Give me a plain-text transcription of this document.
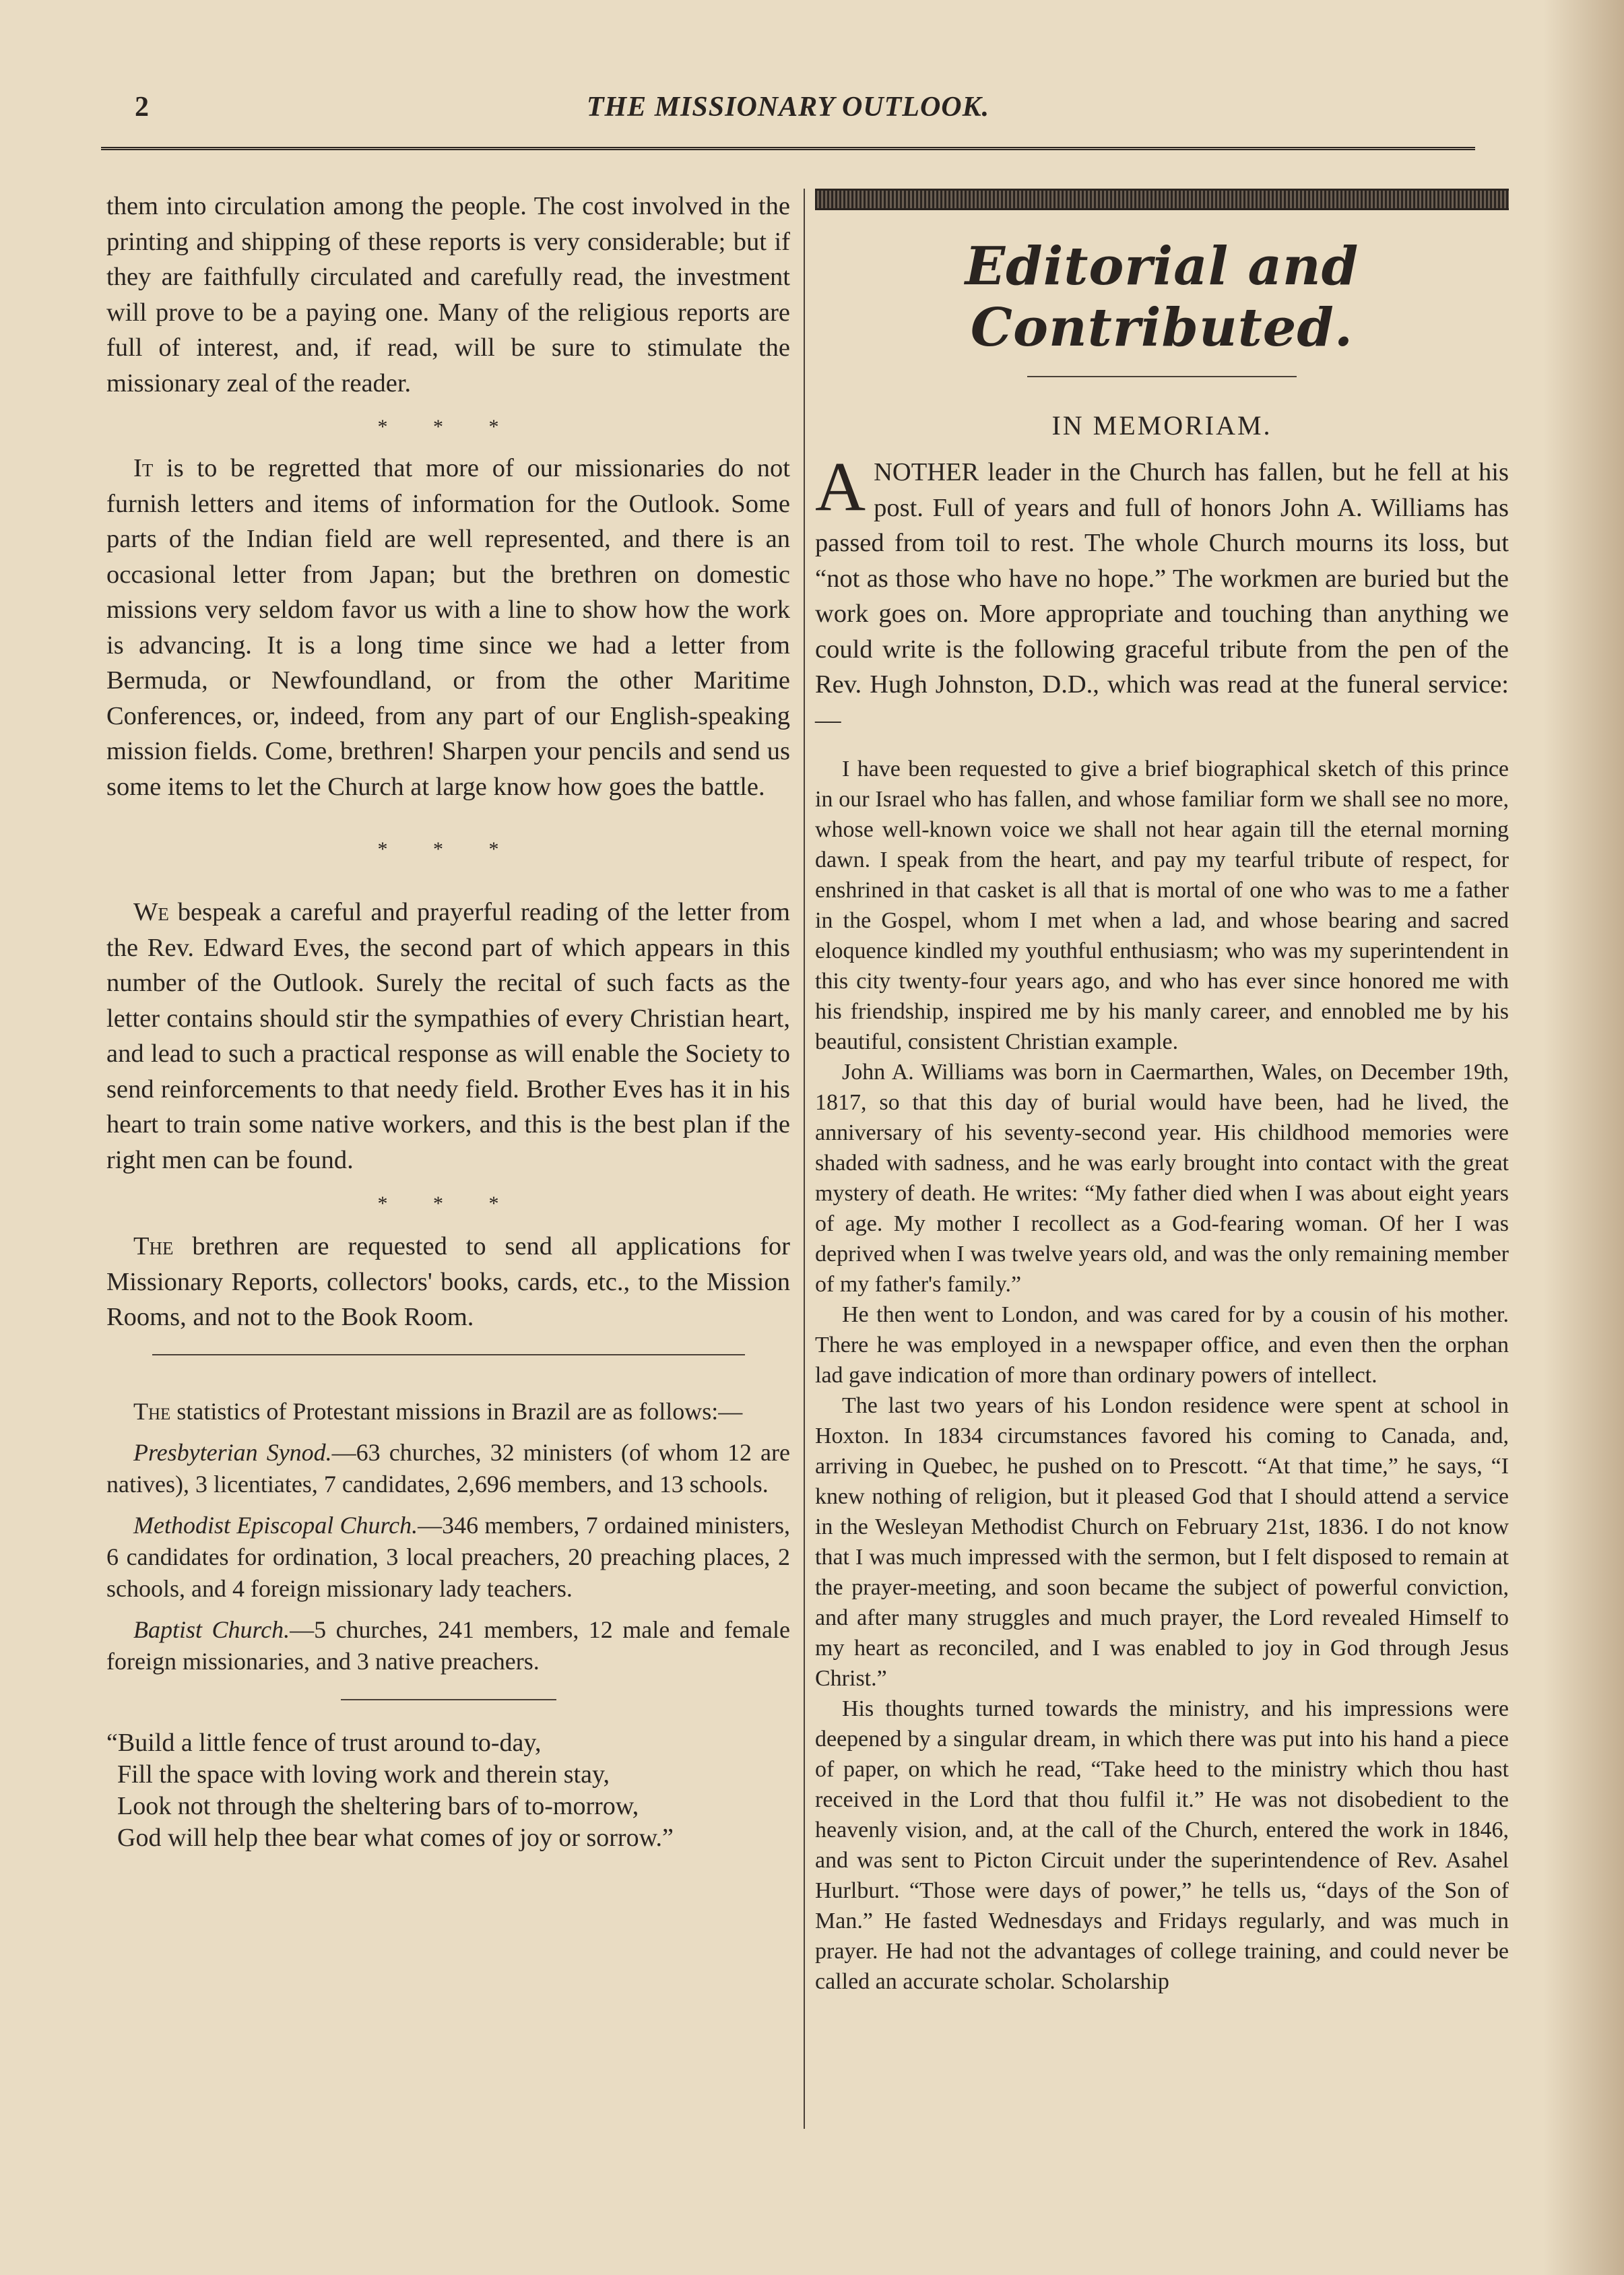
2	THE MISSIONARY OUTLOOK.

them into circulation among the people. The cost involved in the printing and shipping of these reports is very considerable; but if they are faithfully circulated and carefully read, the investment will prove to be a paying one. Many of the religious reports are full of interest, and, if read, will be sure to stimulate the missionary zeal of the reader.

* * *

It is to be regretted that more of our missionaries do not furnish letters and items of information for the Outlook. Some parts of the Indian field are well represented, and there is an occasional letter from Japan; but the brethren on domestic missions very seldom favor us with a line to show how the work is advancing. It is a long time since we had a letter from Bermuda, or Newfoundland, or from the other Maritime Conferences, or, indeed, from any part of our English-speaking mission fields. Come, brethren! Sharpen your pencils and send us some items to let the Church at large know how goes the battle.

* * *

We bespeak a careful and prayerful reading of the letter from the Rev. Edward Eves, the second part of which appears in this number of the Outlook. Surely the recital of such facts as the letter contains should stir the sympathies of every Christian heart, and lead to such a practical response as will enable the Society to send reinforcements to that needy field. Brother Eves has it in his heart to train some native workers, and this is the best plan if the right men can be found.

* * *

The brethren are requested to send all applications for Missionary Reports, collectors' books, cards, etc., to the Mission Rooms, and not to the Book Room.

The statistics of Protestant missions in Brazil are as follows:—

Presbyterian Synod.—63 churches, 32 ministers (of whom 12 are natives), 3 licentiates, 7 candidates, 2,696 members, and 13 schools.

Methodist Episcopal Church.—346 members, 7 ordained ministers, 6 candidates for ordination, 3 local preachers, 20 preaching places, 2 schools, and 4 foreign missionary lady teachers.

Baptist Church.—5 churches, 241 members, 12 male and female foreign missionaries, and 3 native preachers.

“Build a little fence of trust around to-day,

Fill the space with loving work and therein stay,

Look not through the sheltering bars of to-morrow,

God will help thee bear what comes of joy or sorrow.”

Editorial and Contributed.

IN MEMORIAM.

ANOTHER leader in the Church has fallen, but he fell at his post. Full of years and full of honors John A. Williams has passed from toil to rest. The whole Church mourns its loss, but “not as those who have no hope.” The workmen are buried but the work goes on. More appropriate and touching than anything we could write is the following graceful tribute from the pen of the Rev. Hugh Johnston, D.D., which was read at the funeral service:—

I have been requested to give a brief biographical sketch of this prince in our Israel who has fallen, and whose familiar form we shall see no more, whose well-known voice we shall not hear again till the eternal morning dawn. I speak from the heart, and pay my tearful tribute of respect, for enshrined in that casket is all that is mortal of one who was to me a father in the Gospel, whom I met when a lad, and whose bearing and sacred eloquence kindled my youthful enthusiasm; who was my superintendent in this city twenty-four years ago, and who has ever since honored me with his friendship, inspired me by his manly career, and ennobled me by his beautiful, consistent Christian example.

John A. Williams was born in Caermarthen, Wales, on December 19th, 1817, so that this day of burial would have been, had he lived, the anniversary of his seventy-second year. His childhood memories were shaded with sadness, and he was early brought into contact with the great mystery of death. He writes: “My father died when I was about eight years of age. My mother I recollect as a God-fearing woman. Of her I was deprived when I was twelve years old, and was the only remaining member of my father's family.”

He then went to London, and was cared for by a cousin of his mother. There he was employed in a newspaper office, and even then the orphan lad gave indication of more than ordinary powers of intellect.

The last two years of his London residence were spent at school in Hoxton. In 1834 circumstances favored his coming to Canada, and, arriving in Quebec, he pushed on to Prescott. “At that time,” he says, “I knew nothing of religion, but it pleased God that I should attend a service in the Wesleyan Methodist Church on February 21st, 1836. I do not know that I was much impressed with the sermon, but I felt disposed to remain at the prayer-meeting, and soon became the subject of powerful conviction, and after many struggles and much prayer, the Lord revealed Himself to my heart as reconciled, and I was enabled to joy in God through Jesus Christ.”

His thoughts turned towards the ministry, and his impressions were deepened by a singular dream, in which there was put into his hand a piece of paper, on which he read, “Take heed to the ministry which thou hast received in the Lord that thou fulfil it.” He was not disobedient to the heavenly vision, and, at the call of the Church, entered the work in 1846, and was sent to Picton Circuit under the superintendence of Rev. Asahel Hurlburt. “Those were days of power,” he tells us, “days of the Son of Man.” He fasted Wednesdays and Fridays regularly, and was much in prayer. He had not the advantages of college training, and could never be called an accurate scholar. Scholarship
